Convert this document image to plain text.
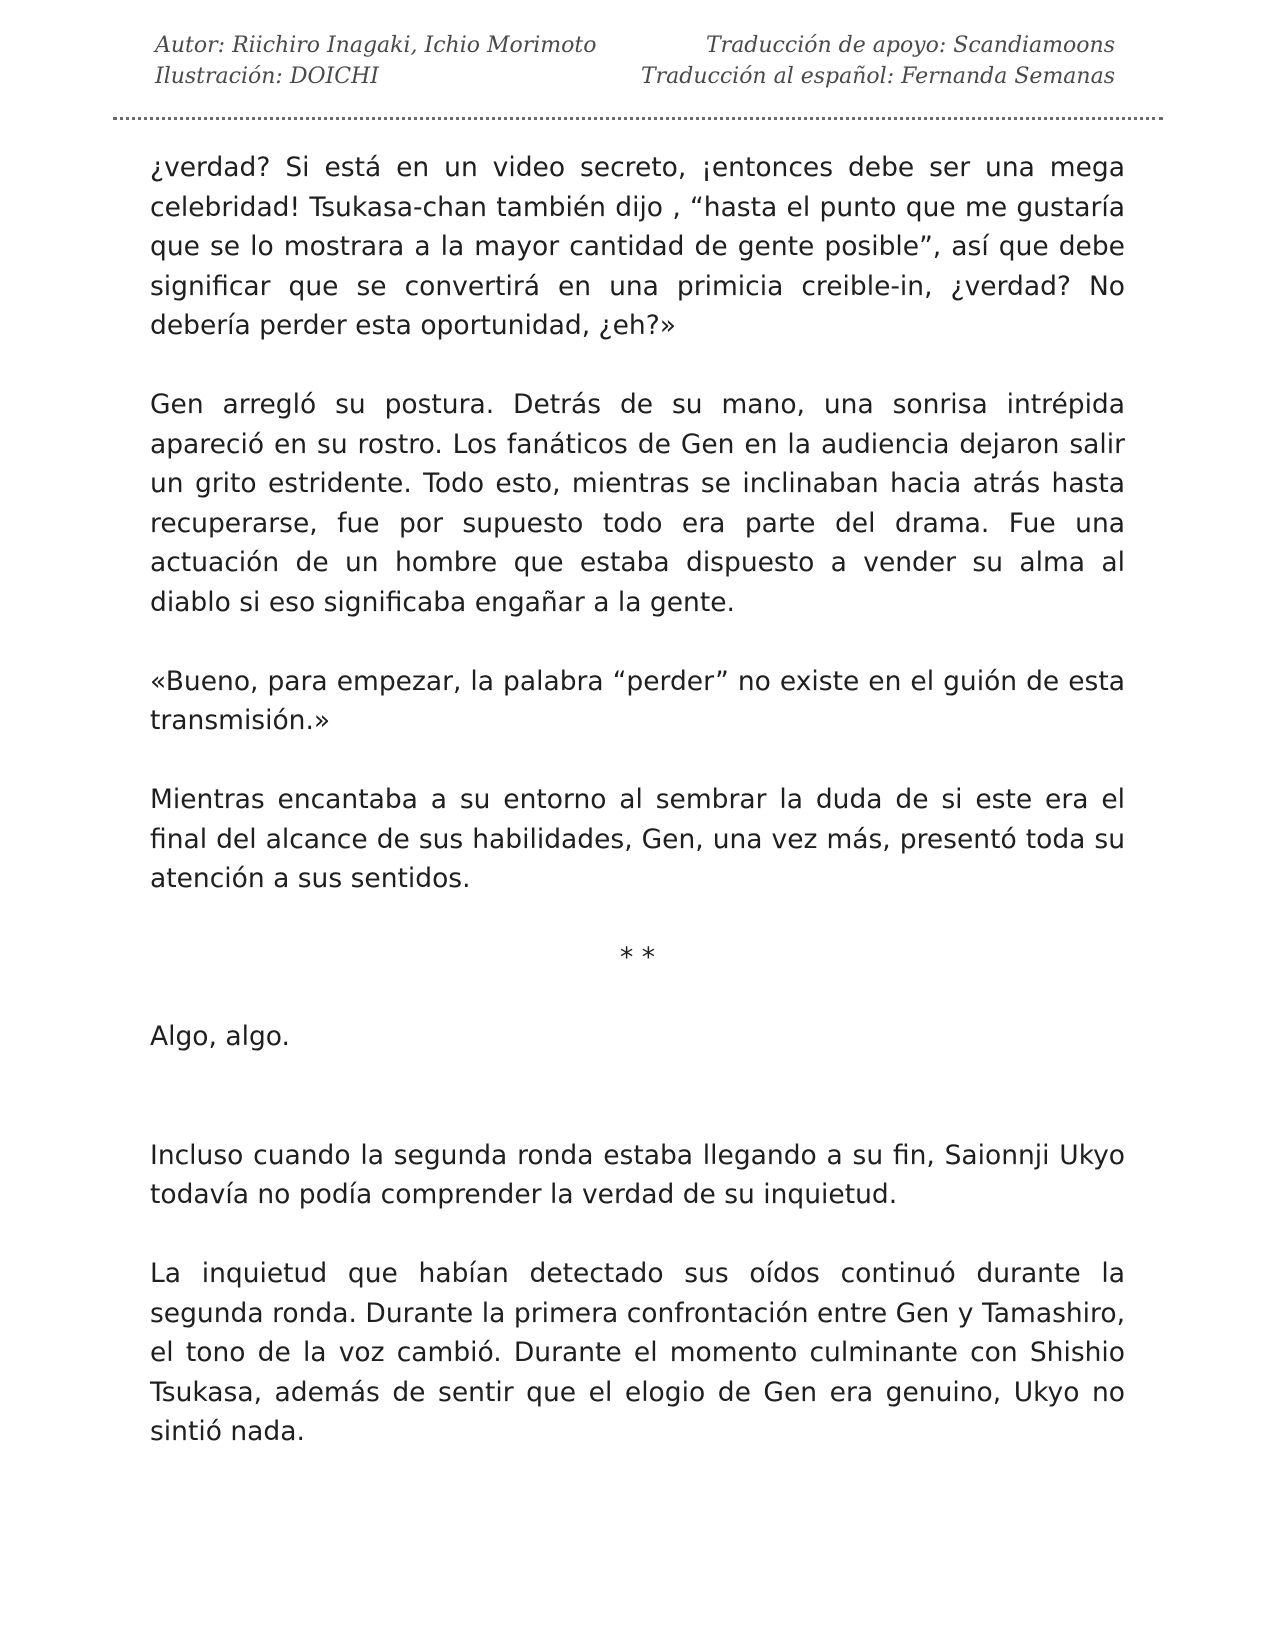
Autor: Riichiro Inagaki, Ichio Morimoto
Ilustración: DOICHI
Traducción de apoyo: Scandiamoons
Traducción al español: Fernanda Semanas

¿verdad? Si está en un video secreto, ¡entonces debe ser una mega celebridad! Tsukasa-chan también dijo , “hasta el punto que me gustaría que se lo mostrara a la mayor cantidad de gente posible”, así que debe significar que se convertirá en una primicia creible-in, ¿verdad? No debería perder esta oportunidad, ¿eh?»

Gen arregló su postura. Detrás de su mano, una sonrisa intrépida apareció en su rostro. Los fanáticos de Gen en la audiencia dejaron salir un grito estridente. Todo esto, mientras se inclinaban hacia atrás hasta recuperarse, fue por supuesto todo era parte del drama. Fue una actuación de un hombre que estaba dispuesto a vender su alma al diablo si eso significaba engañar a la gente.

«Bueno, para empezar, la palabra “perder” no existe en el guión de esta transmisión.»

Mientras encantaba a su entorno al sembrar la duda de si este era el final del alcance de sus habilidades, Gen, una vez más, presentó toda su atención a sus sentidos.

* *

Algo, algo.

Incluso cuando la segunda ronda estaba llegando a su fin, Saionnji Ukyo todavía no podía comprender la verdad de su inquietud.

La inquietud que habían detectado sus oídos continuó durante la segunda ronda. Durante la primera confrontación entre Gen y Tamashiro, el tono de la voz cambió. Durante el momento culminante con Shishio Tsukasa, además de sentir que el elogio de Gen era genuino, Ukyo no sintió nada.
